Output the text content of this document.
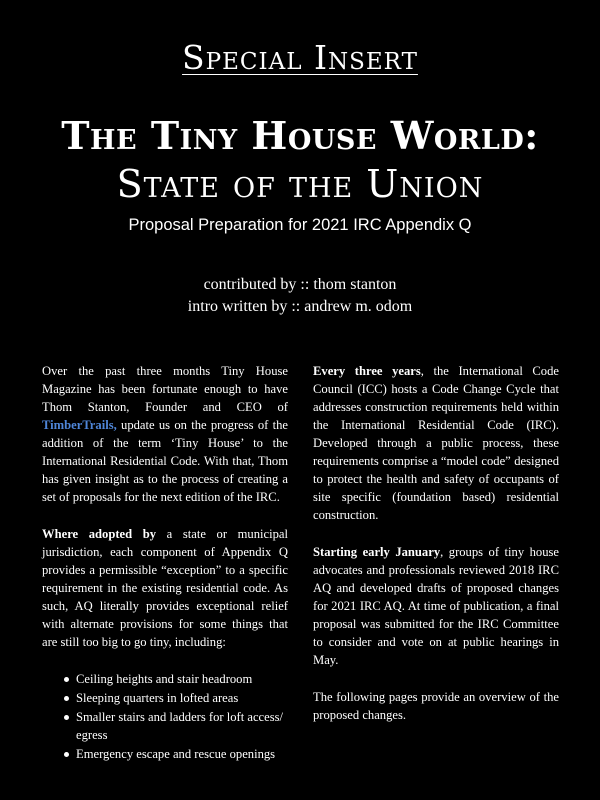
Special Insert
The Tiny House World:
State of the Union
Proposal Preparation for 2021 IRC Appendix Q
contributed by :: thom stanton
intro written by :: andrew m. odom

Over the past three months Tiny House Magazine has been fortunate enough to have Thom Stanton, Founder and CEO of TimberTrails, update us on the progress of the addition of the term ‘Tiny House’ to the International Residential Code. With that, Thom has given insight as to the process of creating a set of proposals for the next edition of the IRC.

Where adopted by a state or municipal jurisdiction, each component of Appendix Q provides a permissible “exception” to a specific requirement in the existing residential code. As such, AQ literally provides exceptional relief with alternate provisions for some things that are still too big to go tiny, including:

Ceiling heights and stair headroom
Sleeping quarters in lofted areas
Smaller stairs and ladders for loft access/ egress
Emergency escape and rescue openings

Every three years, the International Code Council (ICC) hosts a Code Change Cycle that addresses construction requirements held within the International Residential Code (IRC). Developed through a public process, these requirements comprise a “model code” designed to protect the health and safety of occupants of site specific (foundation based) residential construction.

Starting early January, groups of tiny house advocates and professionals reviewed 2018 IRC AQ and developed drafts of proposed changes for 2021 IRC AQ. At time of publication, a final proposal was submitted for the IRC Committee to consider and vote on at public hearings in May.

The following pages provide an overview of the proposed changes.
